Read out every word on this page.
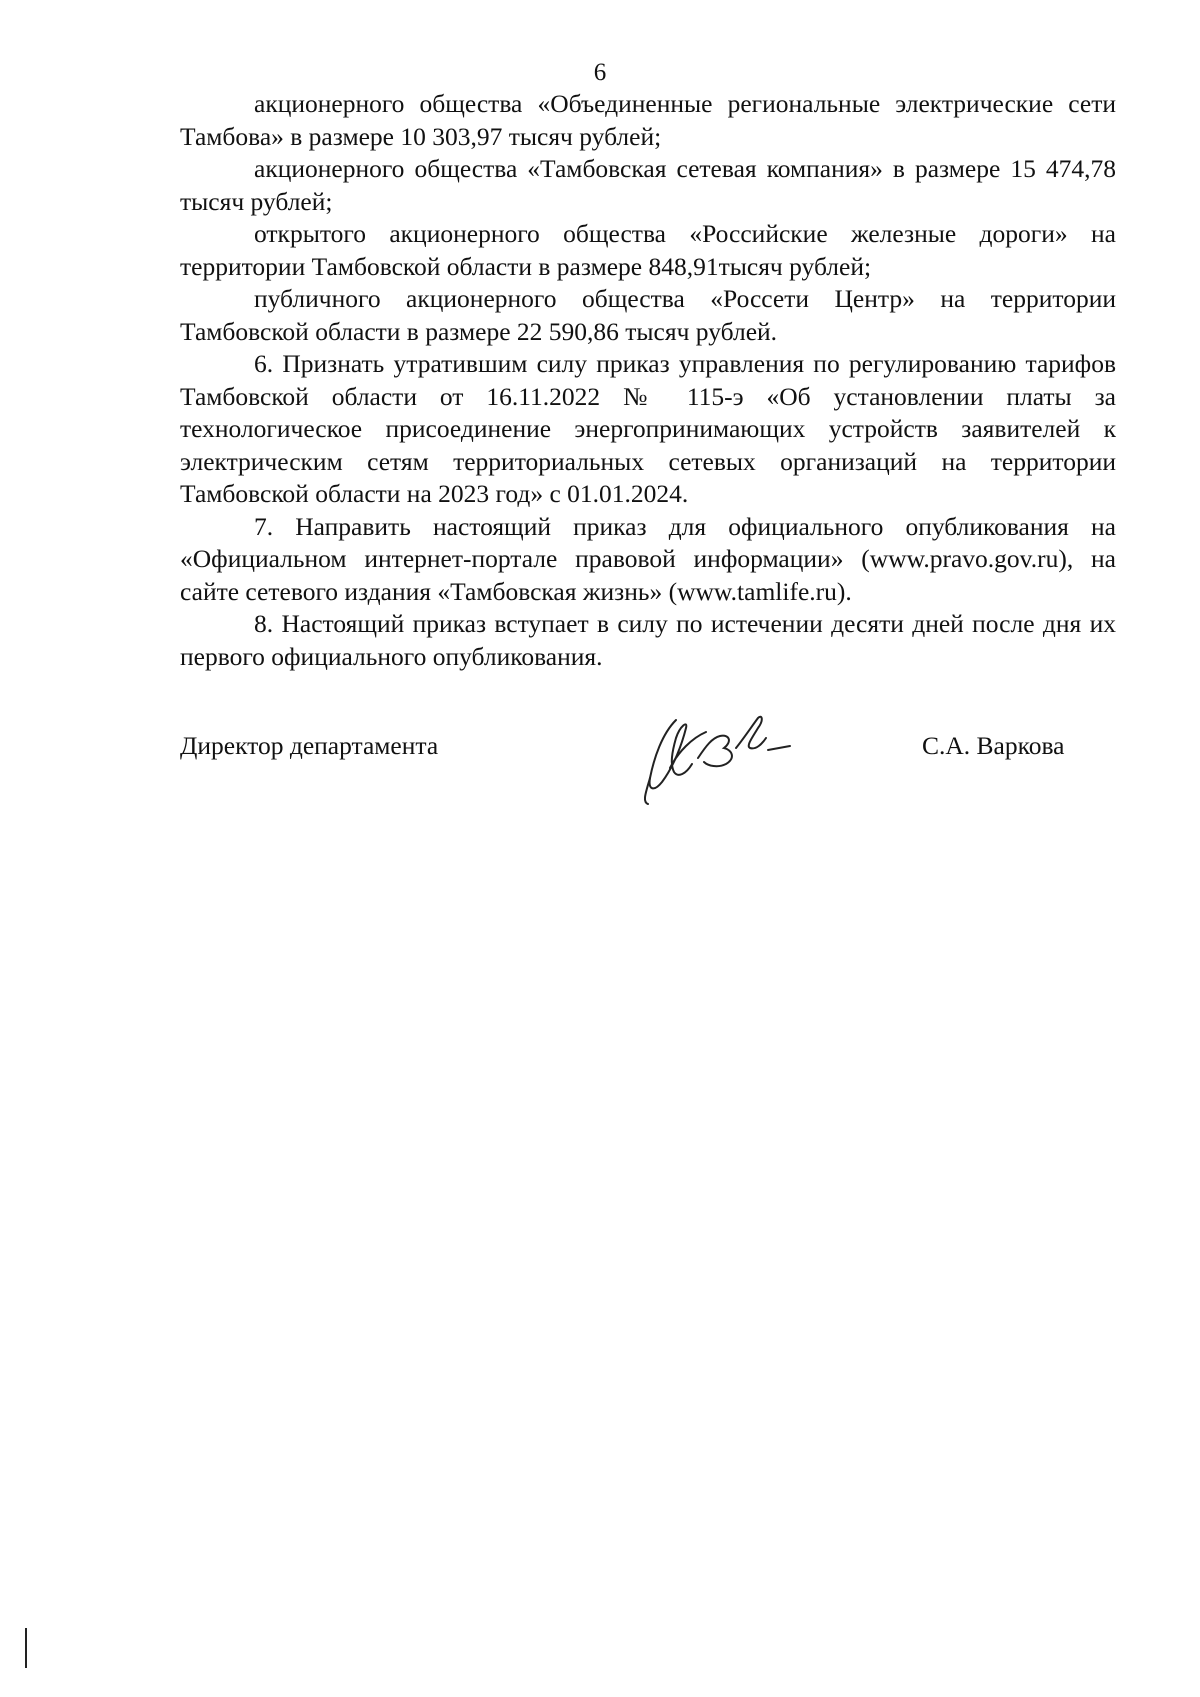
6

акционерного общества «Объединенные региональные электрические сети Тамбова» в размере 10 303,97 тысяч рублей;

акционерного общества «Тамбовская сетевая компания» в размере 15 474,78 тысяч рублей;

открытого акционерного общества «Российские железные дороги» на территории Тамбовской области в размере 848,91тысяч рублей;

публичного акционерного общества «Россети Центр» на территории Тамбовской области в размере 22 590,86 тысяч рублей.

6. Признать утратившим силу приказ управления по регулированию тарифов Тамбовской области от 16.11.2022 № 115-э «Об установлении платы за технологическое присоединение энергопринимающих устройств заявителей к электрическим сетям территориальных сетевых организаций на территории Тамбовской области на 2023 год» с 01.01.2024.

7. Направить настоящий приказ для официального опубликования на «Официальном интернет-портале правовой информации» (www.pravo.gov.ru), на сайте сетевого издания «Тамбовская жизнь» (www.tamlife.ru).

8. Настоящий приказ вступает в силу по истечении десяти дней после дня их первого официального опубликования.

Директор департамента	С.А. Варкова
